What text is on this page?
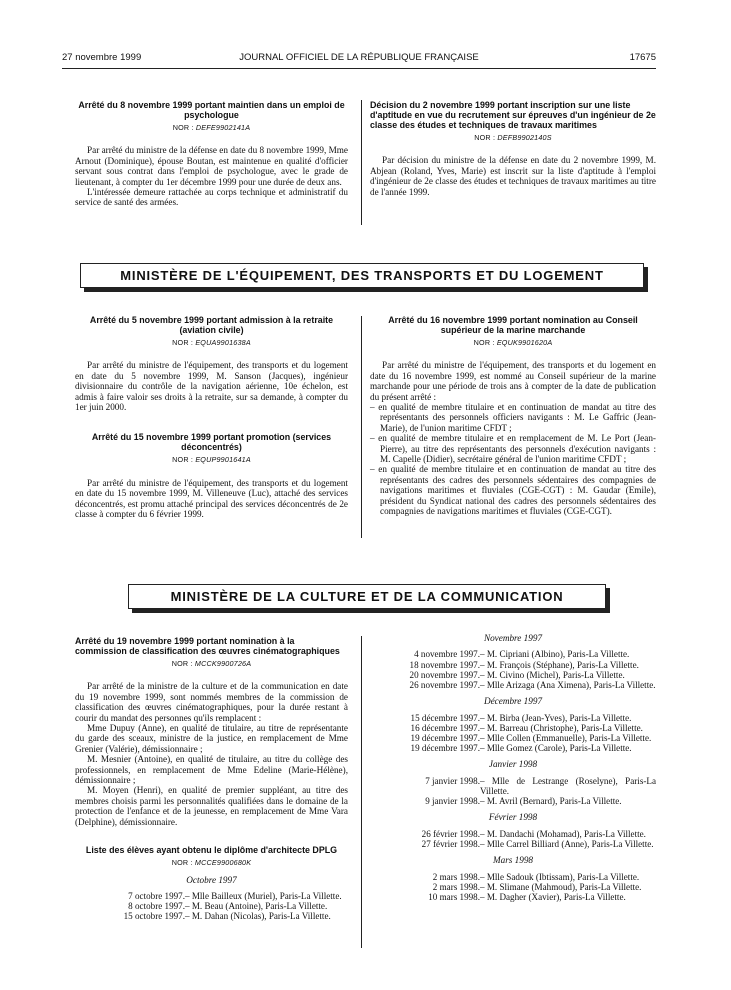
27 novembre 1999	JOURNAL OFFICIEL DE LA RÉPUBLIQUE FRANÇAISE	17675
Arrêté du 8 novembre 1999 portant maintien dans un emploi de psychologue
NOR : DEFE9902141A

Par arrêté du ministre de la défense en date du 8 novembre 1999, Mme Arnout (Dominique), épouse Boutan, est maintenue en qualité d'officier servant sous contrat dans l'emploi de psychologue, avec le grade de lieutenant, à compter du 1er décembre 1999 pour une durée de deux ans.

L'intéressée demeure rattachée au corps technique et administratif du service de santé des armées.

Décision du 2 novembre 1999 portant inscription sur une liste d'aptitude en vue du recrutement sur épreuves d'un ingénieur de 2e classe des études et techniques de travaux maritimes
NOR : DEFB9902140S

Par décision du ministre de la défense en date du 2 novembre 1999, M. Abjean (Roland, Yves, Marie) est inscrit sur la liste d'aptitude à l'emploi d'ingénieur de 2e classe des études et techniques de travaux maritimes au titre de l'année 1999.

MINISTÈRE DE L'ÉQUIPEMENT, DES TRANSPORTS ET DU LOGEMENT
Arrêté du 5 novembre 1999 portant admission à la retraite (aviation civile)
NOR : EQUA9901638A

Par arrêté du ministre de l'équipement, des transports et du logement en date du 5 novembre 1999, M. Sanson (Jacques), ingénieur divisionnaire du contrôle de la navigation aérienne, 10e échelon, est admis à faire valoir ses droits à la retraite, sur sa demande, à compter du 1er juin 2000.

Arrêté du 15 novembre 1999 portant promotion (services déconcentrés)
NOR : EQUP9901641A

Par arrêté du ministre de l'équipement, des transports et du logement en date du 15 novembre 1999, M. Villeneuve (Luc), attaché des services déconcentrés, est promu attaché principal des services déconcentrés de 2e classe à compter du 6 février 1999.

Arrêté du 16 novembre 1999 portant nomination au Conseil supérieur de la marine marchande
NOR : EQUK9901620A

Par arrêté du ministre de l'équipement, des transports et du logement en date du 16 novembre 1999, est nommé au Conseil supérieur de la marine marchande pour une période de trois ans à compter de la date de publication du présent arrêté :

– en qualité de membre titulaire et en continuation de mandat au titre des représentants des personnels officiers navigants : M. Le Gaffric (Jean-Marie), de l'union maritime CFDT ;
– en qualité de membre titulaire et en remplacement de M. Le Port (Jean-Pierre), au titre des représentants des personnels d'exécution navigants : M. Capelle (Didier), secrétaire général de l'union maritime CFDT ;
– en qualité de membre titulaire et en continuation de mandat au titre des représentants des cadres des personnels sédentaires des compagnies de navigations maritimes et fluviales (CGE-CGT) : M. Gaudar (Emile), président du Syndicat national des cadres des personnels sédentaires des compagnies de navigations maritimes et fluviales (CGE-CGT).
MINISTÈRE DE LA CULTURE ET DE LA COMMUNICATION
Arrêté du 19 novembre 1999 portant nomination à la commission de classification des œuvres cinématographiques
NOR : MCCK9900726A

Par arrêté de la ministre de la culture et de la communication en date du 19 novembre 1999, sont nommés membres de la commission de classification des œuvres cinématographiques, pour la durée restant à courir du mandat des personnes qu'ils remplacent :

Mme Dupuy (Anne), en qualité de titulaire, au titre de représentante du garde des sceaux, ministre de la justice, en remplacement de Mme Grenier (Valérie), démissionnaire ;

M. Mesnier (Antoine), en qualité de titulaire, au titre du collège des professionnels, en remplacement de Mme Edeline (Marie-Hélène), démissionnaire ;

M. Moyen (Henri), en qualité de premier suppléant, au titre des membres choisis parmi les personnalités qualifiées dans le domaine de la protection de l'enfance et de la jeunesse, en remplacement de Mme Vara (Delphine), démissionnaire.

Liste des élèves ayant obtenu le diplôme d'architecte DPLG
NOR : MCCE9900680K
Octobre 1997
7 octobre 1997.	– Mlle Bailleux (Muriel), Paris-La Villette.
8 octobre 1997.	– M. Beau (Antoine), Paris-La Villette.
15 octobre 1997.	– M. Dahan (Nicolas), Paris-La Villette.
Novembre 1997
4 novembre 1997.	– M. Cipriani (Albino), Paris-La Villette.
18 novembre 1997.	– M. François (Stéphane), Paris-La Villette.
20 novembre 1997.	– M. Civino (Michel), Paris-La Villette.
26 novembre 1997.	– Mlle Arizaga (Ana Ximena), Paris-La Villette.
Décembre 1997
15 décembre 1997.	– M. Birba (Jean-Yves), Paris-La Villette.
16 décembre 1997.	– M. Barreau (Christophe), Paris-La Villette.
19 décembre 1997.	– Mlle Collen (Emmanuelle), Paris-La Villette.
19 décembre 1997.	– Mlle Gomez (Carole), Paris-La Villette.
Janvier 1998
7 janvier 1998.	– Mlle de Lestrange (Roselyne), Paris-La Villette.
9 janvier 1998.	– M. Avril (Bernard), Paris-La Villette.
Février 1998
26 février 1998.	– M. Dandachi (Mohamad), Paris-La Villette.
27 février 1998.	– Mlle Carrel Billiard (Anne), Paris-La Villette.
Mars 1998
2 mars 1998.	– Mlle Sadouk (Ibtissam), Paris-La Villette.
2 mars 1998.	– M. Slimane (Mahmoud), Paris-La Villette.
10 mars 1998.	– M. Dagher (Xavier), Paris-La Villette.
